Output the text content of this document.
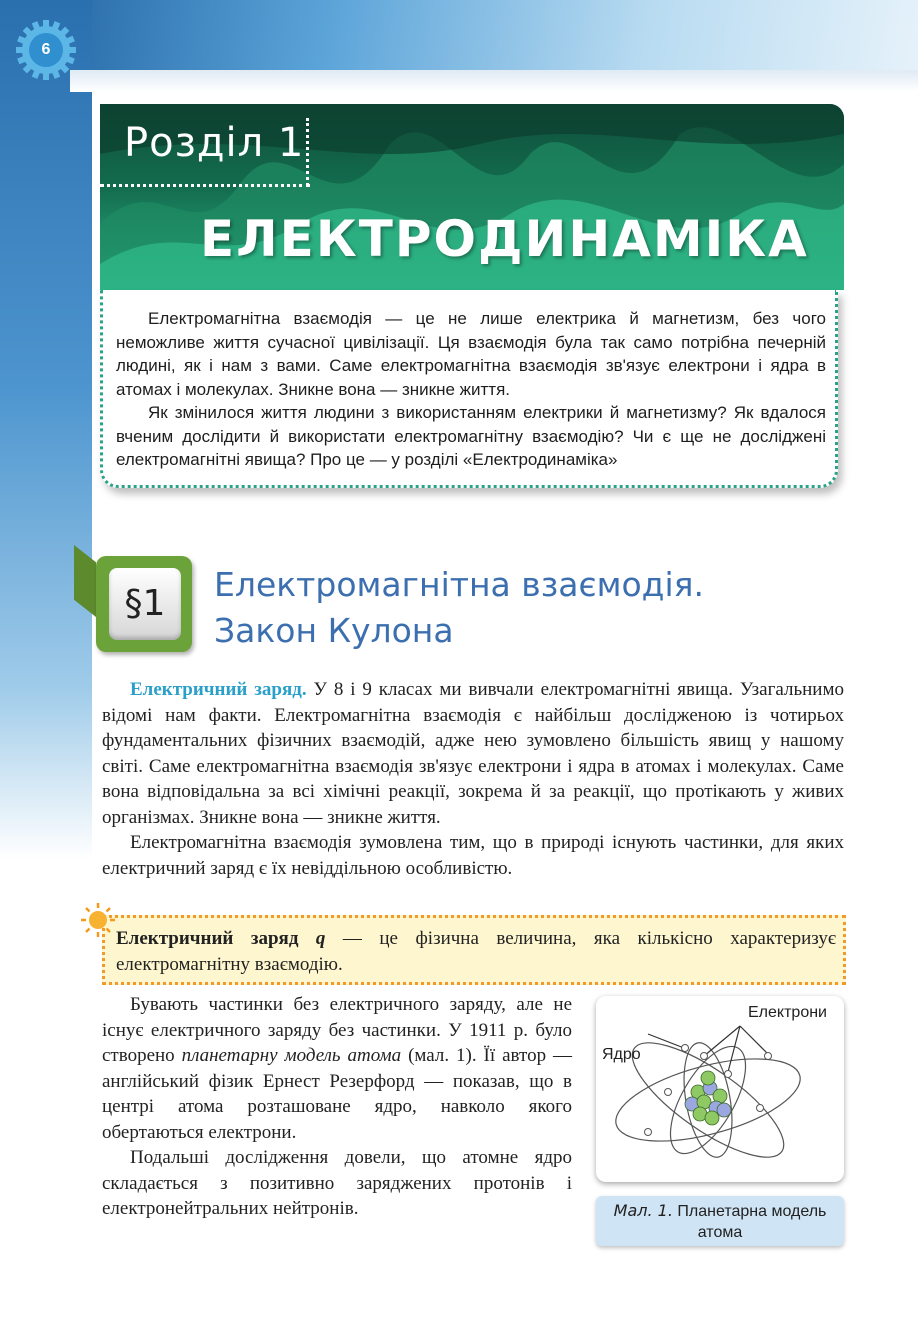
6
Розділ 1
ЕЛЕКТРОДИНАМІКА

Електромагнітна взаємодія — це не лише електрика й магнетизм, без чого неможливе життя сучасної цивілізації. Ця взаємодія була так само потрібна печерній людині, як і нам з вами. Саме електромагнітна взаємодія зв'язує електрони і ядра в атомах і молекулах. Зникне вона — зникне життя.

Як змінилося життя людини з використанням електрики й магнетизму? Як вдалося вченим дослідити й використати електромагнітну взаємодію? Чи є ще не досліджені електромагнітні явища? Про це — у розділі «Електродинаміка»

§1	Електромагнітна взаємодія.
Закон Кулона

Електричний заряд. У 8 і 9 класах ми вивчали електромагнітні явища. Узагальнимо відомі нам факти. Електромагнітна взаємодія є найбільш дослідженою із чотирьох фундаментальних фізичних взаємодій, адже нею зумовлено більшість явищ у нашому світі. Саме електромагнітна взаємодія зв'язує електрони і ядра в атомах і молекулах. Саме вона відповідальна за всі хімічні реакції, зокрема й за реакції, що протікають у живих організмах. Зникне вона — зникне життя.

Електромагнітна взаємодія зумовлена тим, що в природі існують частинки, для яких електричний заряд є їх невіддільною особливістю.

Електричний заряд q — це фізична величина, яка кількісно характеризує електромагнітну взаємодію.

Бувають частинки без електричного заряду, але не існує електричного заряду без частинки. У 1911 р. було створено планетарну модель атома (мал. 1). Її автор — англійський фізик Ернест Резерфорд — показав, що в центрі атома розташоване ядро, навколо якого обертаються електрони.

Подальші дослідження довели, що атомне ядро складається з позитивно заряджених протонів і електронейтральних нейтронів.

Електрони
Ядро
Мал. 1. Планетарна модель атома
